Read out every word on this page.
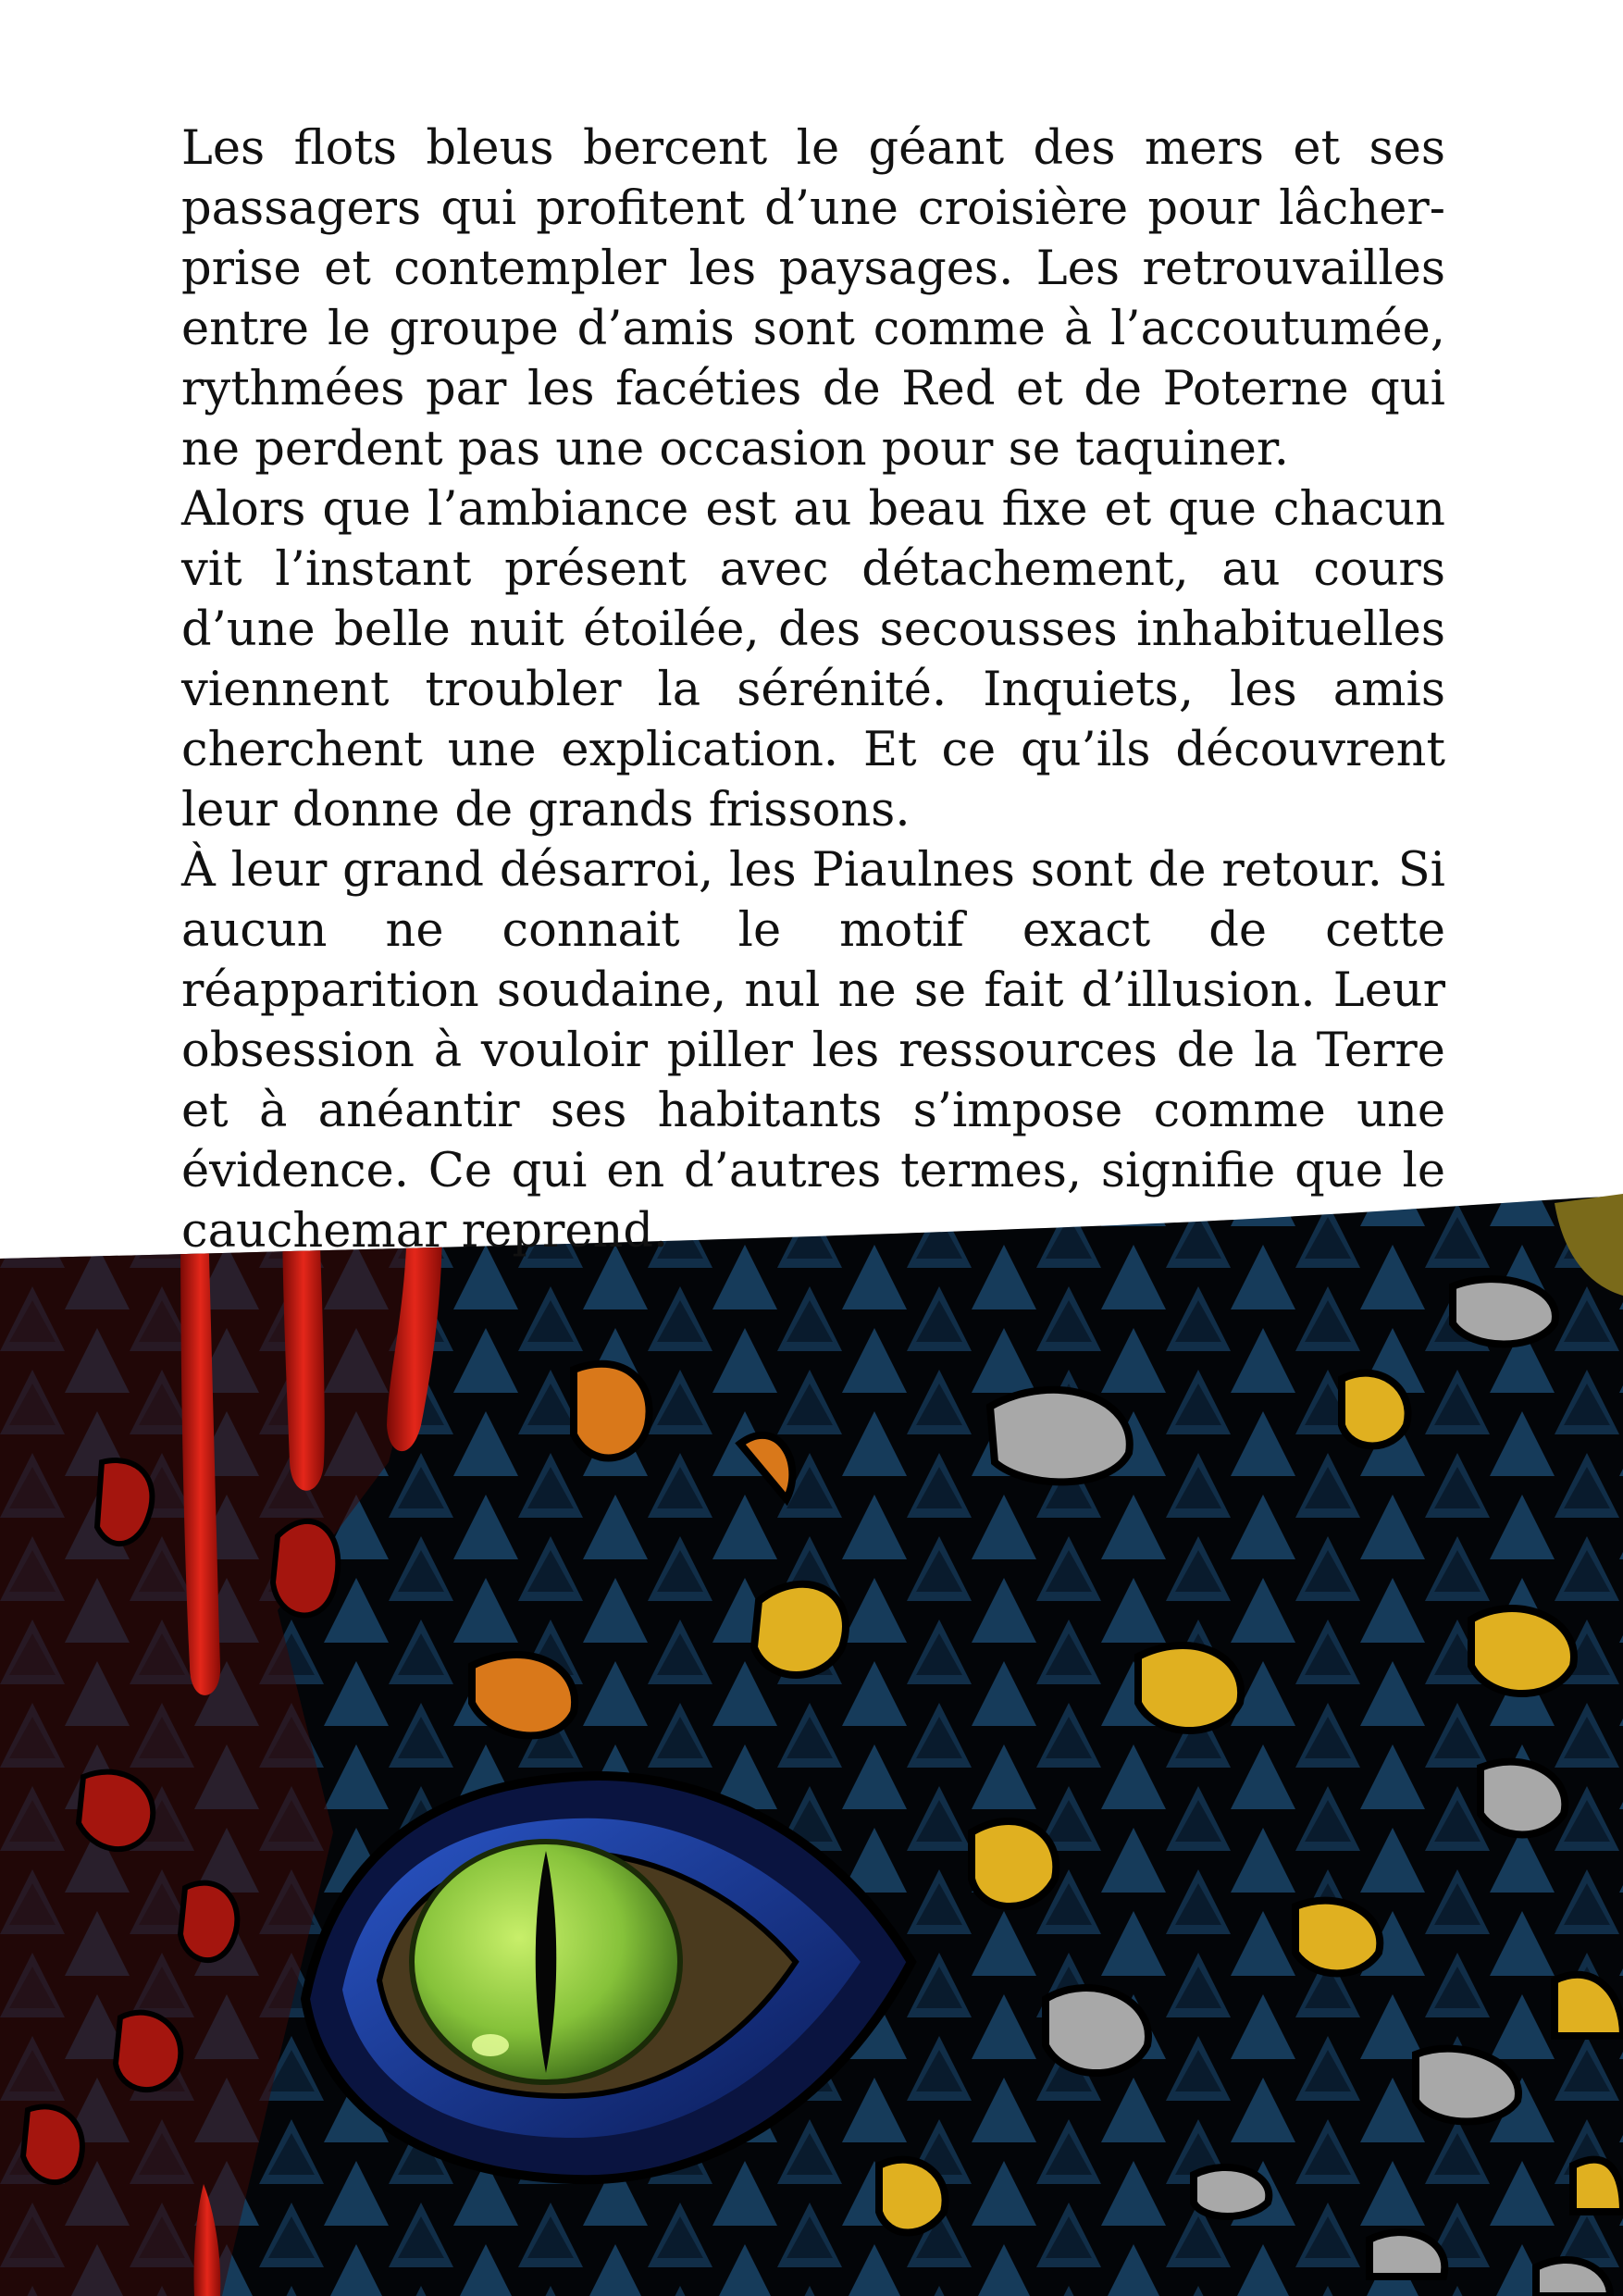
Les flots bleus bercent le géant des mers et ses passagers qui profitent d’une croisière pour lâcher-prise et contempler les paysages. Les retrouvailles entre le groupe d’amis sont comme à l’accoutumée, rythmées par les facéties de Red et de Poterne qui ne perdent pas une occasion pour se taquiner.

Alors que l’ambiance est au beau fixe et que chacun vit l’instant présent avec détachement, au cours d’une belle nuit étoilée, des secousses inhabituelles viennent troubler la sérénité. Inquiets, les amis cherchent une explication. Et ce qu’ils découvrent leur donne de grands frissons.

À leur grand désarroi, les Piaulnes sont de retour. Si aucun ne connait le motif exact de cette réapparition soudaine, nul ne se fait d’illusion. Leur obsession à vouloir piller les ressources de la Terre et à anéantir ses habitants s’impose comme une évidence. Ce qui en d’autres termes, signifie que le cauchemar reprend.
